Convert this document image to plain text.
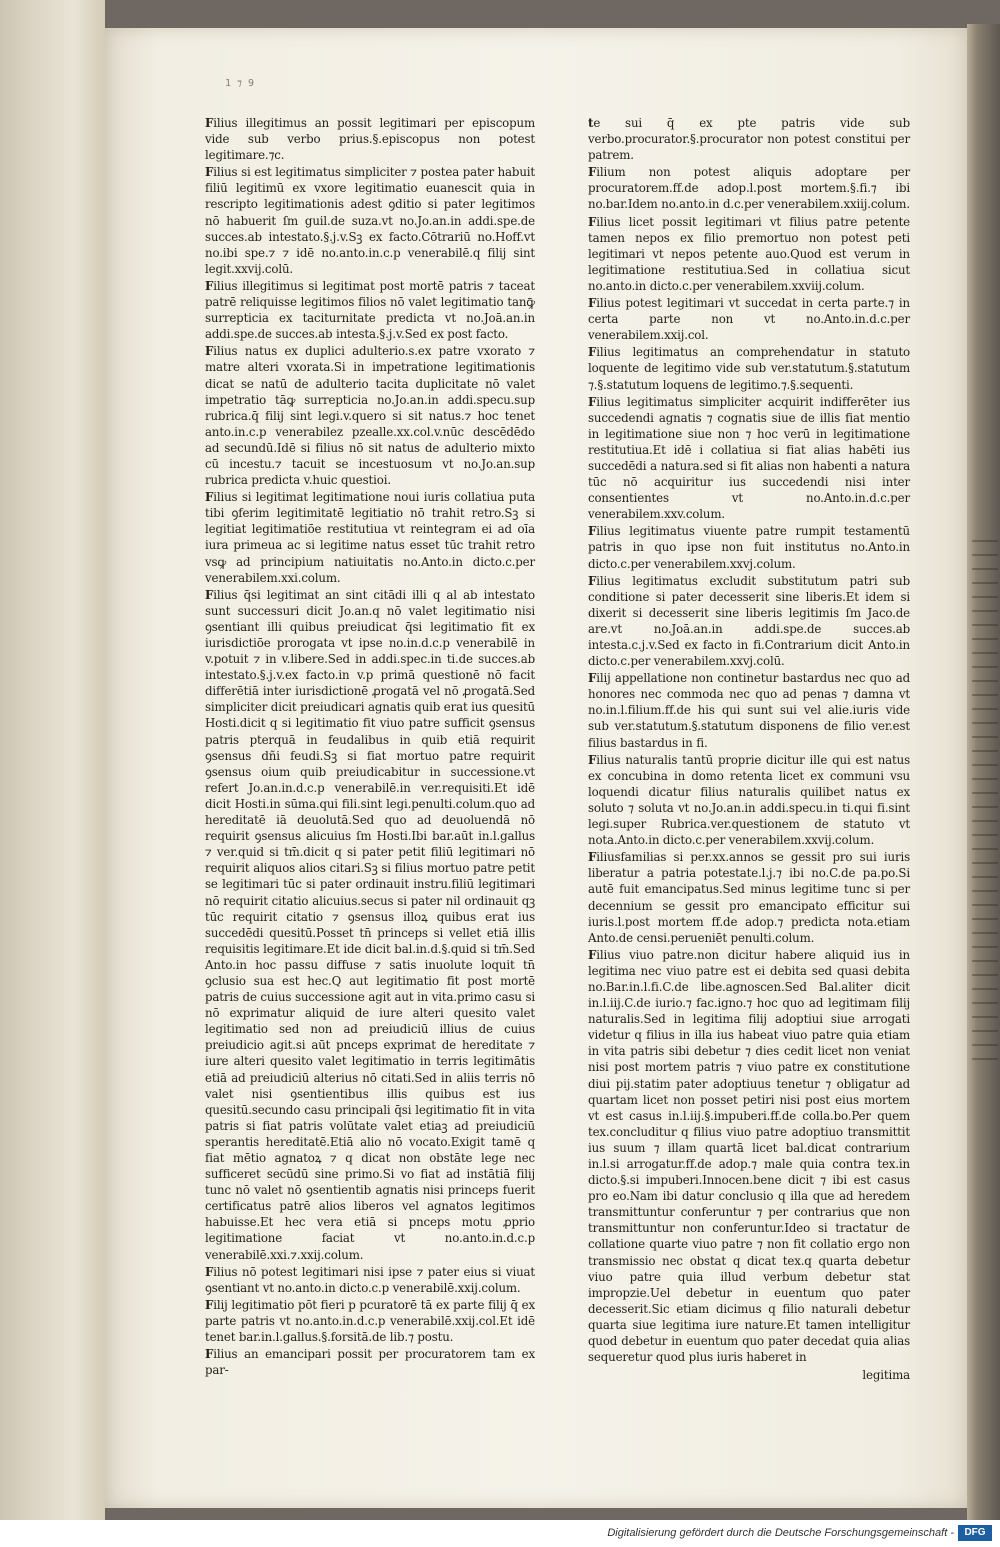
1 ⁊ 9

Filius illegitimus an possit legitimari per episcopum vide sub verbo prius.§.episcopus non potest legitimare.⁊c.

Filius si est legitimatus simpliciter ⁊ postea pater habuit filiū legitimū ex vxore legitimatio euanescit quia in rescripto legitimationis adest ꝯditio si pater legitimos nō habuerit ſm guil.de suza.vt no.Jo.an.in addi.spe.de succes.ab intestato.§.j.v.Sꝫ ex facto.Cōtrariū no.Hoff.vt no.ibi spe.⁊ ⁊ idē no.anto.in.c.p venerabilē.q filij sint legit.xxvij.colū.

Filius illegitimus si legitimat post mortē patris ⁊ taceat patrē reliquisse legitimos filios nō valet legitimatio tanꝙ̄ surrepticia ex taciturnitate predicta vt no.Joā.an.in addi.spe.de succes.ab intesta.§.j.v.Sed ex post facto.

Filius natus ex duplici adulterio.s.ex patre vxorato ⁊ matre alteri vxorata.Si in impetratione legitimationis dicat se natū de adulterio tacita duplicitate nō valet impetratio tāꝙ surrepticia no.Jo.an.in addi.specu.sup rubrica.q̄ filij sint legi.v.quero si sit natus.⁊ hoc tenet anto.in.c.p venerabilez pzealle.xx.col.v.nūc descēdēdo ad secundū.Idē si filius nō sit natus de adulterio mixto cū incestu.⁊ tacuit se incestuosum vt no.Jo.an.sup rubrica predicta v.huic questioi.

Filius si legitimat legitimatione noui iuris collatiua puta tibi ꝯferim legitimitatē legitiatio nō trahit retro.Sꝫ si legitiat legitimatiōe restitutiua vt reintegram ei ad oīa iura primeua ac si legitime natus esset tūc trahit retro vsꝙ ad principium natiuitatis no.Anto.in dicto.c.per venerabilem.xxi.colum.

Filius q̄si legitimat an sint citādi illi q al ab intestato sunt successuri dicit Jo.an.q nō valet legitimatio nisi ꝯsentiant illi quibus preiudicat q̄si legitimatio fit ex iurisdictiōe prorogata vt ipse no.in.d.c.p venerabilē in v.potuit ⁊ in v.libere.Sed in addi.spec.in ti.de succes.ab intestato.§.j.v.ex facto.in v.p primā questionē nō facit differētiā inter iurisdictionē ꝓrogatā vel nō ꝓrogatā.Sed simpliciter dicit preiudicari agnatis quib erat ius quesitū Hosti.dicit q si legitimatio fit viuo patre sufficit ꝯsensus patris pterquā in feudalibus in quib etiā requirit ꝯsensus dñi feudi.Sꝫ si fiat mortuo patre requirit ꝯsensus oium quib preiudicabitur in successione.vt refert Jo.an.in.d.c.p venerabilē.in ver.requisiti.Et idē dicit Hosti.in sūma.qui fili.sint legi.penulti.colum.quo ad hereditatē iā deuolutā.Sed quo ad deuoluendā nō requirit ꝯsensus alicuius ſm Hosti.Ibi bar.aūt in.l.gallus ⁊ ver.quid si tm̄.dicit q si pater petit filiū legitimari nō requirit aliquos alios citari.Sꝫ si filius mortuo patre petit se legitimari tūc si pater ordinauit instru.filiū legitimari nō requirit citatio alicuius.secus si pater nil ordinauit qꝫ tūc requirit citatio ⁊ ꝯsensus illoꝝ quibus erat ius succedēdi quesitū.Posset tn̄ princeps si vellet etiā illis requisitis legitimare.Et ide dicit bal.in.d.§.quid si tm̄.Sed Anto.in hoc passu diffuse ⁊ satis inuolute loquit tn̄ ꝯclusio sua est hec.Q aut legitimatio fit post mortē patris de cuius successione agit aut in vita.primo casu si nō exprimatur aliquid de iure alteri quesito valet legitimatio sed non ad preiudiciū illius de cuius preiudicio agit.si aūt pnceps exprimat de hereditate ⁊ iure alteri quesito valet legitimatio in terris legitimātis etiā ad preiudiciū alterius nō citati.Sed in aliis terris nō valet nisi ꝯsentientibus illis quibus est ius quesitū.secundo casu principali q̄si legitimatio fit in vita patris si fiat patris volūtate valet etiaꝫ ad preiudiciū sperantis hereditatē.Etiā alio nō vocato.Exigit tamē q fiat mētio agnatoꝝ ⁊ q dicat non obstāte lege nec sufficeret secūdū sine primo.Si vo fiat ad instātiā filij tunc nō valet nō ꝯsentientib agnatis nisi princeps fuerit certificatus patrē alios liberos vel agnatos legitimos habuisse.Et hec vera etiā si pnceps motu ꝓprio legitimatione faciat vt no.anto.in.d.c.p venerabilē.xxi.⁊.xxij.colum.

Filius nō potest legitimari nisi ipse ⁊ pater eius si viuat ꝯsentiant vt no.anto.in dicto.c.p venerabilē.xxij.colum.

Filij legitimatio pōt fieri p pcuratorē tā ex parte filij q̄ ex parte patris vt no.anto.in.d.c.p venerabilē.xxij.col.Et idē tenet bar.in.l.gallus.§.forsitā.de lib.⁊ postu.

Filius an emancipari possit per procuratorem tam ex par-

te sui q̄ ex pte patris vide sub verbo.procurator.§.procurator non potest constitui per patrem.

Filium non potest aliquis adoptare per procuratorem.ff.de adop.l.post mortem.§.fi.⁊ ibi no.bar.Idem no.anto.in d.c.per venerabilem.xxiij.colum.

Filius licet possit legitimari vt filius patre petente tamen nepos ex filio premortuo non potest peti legitimari vt nepos petente auo.Quod est verum in legitimatione restitutiua.Sed in collatiua sicut no.anto.in dicto.c.per venerabilem.xxviij.colum.

Filius potest legitimari vt succedat in certa parte.⁊ in certa parte non vt no.Anto.in.d.c.per venerabilem.xxij.col.

Filius legitimatus an comprehendatur in statuto loquente de legitimo vide sub ver.statutum.§.statutum ⁊.§.statutum loquens de legitimo.⁊.§.sequenti.

Filius legitimatus simpliciter acquirit indifferēter ius succedendi agnatis ⁊ cognatis siue de illis fiat mentio in legitimatione siue non ⁊ hoc verū in legitimatione restitutiua.Et idē i collatiua si fiat alias habēti ius succedēdi a natura.sed si fit alias non habenti a natura tūc nō acquiritur ius succedendi nisi inter consentientes vt no.Anto.in.d.c.per venerabilem.xxv.colum.

Filius legitimatus viuente patre rumpit testamentū patris in quo ipse non fuit institutus no.Anto.in dicto.c.per venerabilem.xxvj.colum.

Filius legitimatus excludit substitutum patri sub conditione si pater decesserit sine liberis.Et idem si dixerit si decesserit sine liberis legitimis ſm Jaco.de are.vt no.Joā.an.in addi.spe.de succes.ab intesta.c.j.v.Sed ex facto in fi.Contrarium dicit Anto.in dicto.c.per venerabilem.xxvj.colū.

Filij appellatione non continetur bastardus nec quo ad honores nec commoda nec quo ad penas ⁊ damna vt no.in.l.filium.ff.de his qui sunt sui vel alie.iuris vide sub ver.statutum.§.statutum disponens de filio ver.est filius bastardus in fi.

Filius naturalis tantū proprie dicitur ille qui est natus ex concubina in domo retenta licet ex communi vsu loquendi dicatur filius naturalis quilibet natus ex soluto ⁊ soluta vt no.Jo.an.in addi.specu.in ti.qui fi.sint legi.super Rubrica.ver.questionem de statuto vt nota.Anto.in dicto.c.per venerabilem.xxvij.colum.

Filiusfamilias si per.xx.annos se gessit pro sui iuris liberatur a patria potestate.l.j.⁊ ibi no.C.de pa.po.Si autē fuit emancipatus.Sed minus legitime tunc si per decennium se gessit pro emancipato efficitur sui iuris.l.post mortem ff.de adop.⁊ predicta nota.etiam Anto.de censi.perueniēt penulti.colum.

Filius viuo patre.non dicitur habere aliquid ius in legitima nec viuo patre est ei debita sed quasi debita no.Bar.in.l.fi.C.de libe.agnoscen.Sed Bal.aliter dicit in.l.iij.C.de iurio.⁊ fac.igno.⁊ hoc quo ad legitimam filij naturalis.Sed in legitima filij adoptiui siue arrogati videtur q filius in illa ius habeat viuo patre quia etiam in vita patris sibi debetur ⁊ dies cedit licet non veniat nisi post mortem patris ⁊ viuo patre ex constitutione diui pij.statim pater adoptiuus tenetur ⁊ obligatur ad quartam licet non posset petiri nisi post eius mortem vt est casus in.l.iij.§.impuberi.ff.de colla.bo.Per quem tex.concluditur q filius viuo patre adoptiuo transmittit ius suum ⁊ illam quartā licet bal.dicat contrarium in.l.si arrogatur.ff.de adop.⁊ male quia contra tex.in dicto.§.si impuberi.Innocen.bene dicit ⁊ ibi est casus pro eo.Nam ibi datur conclusio q illa que ad heredem transmittuntur conferuntur ⁊ per contrarius que non transmittuntur non conferuntur.Ideo si tractatur de collatione quarte viuo patre ⁊ non fit collatio ergo non transmissio nec obstat q dicat tex.q quarta debetur viuo patre quia illud verbum debetur stat impropzie.Uel debetur in euentum quo pater decesserit.Sic etiam dicimus q filio naturali debetur quarta siue legitima iure nature.Et tamen intelligitur quod debetur in euentum quo pater decedat quia alias sequeretur quod plus iuris haberet in

legitima
Digitalisierung gefördert durch die Deutsche Forschungsgemeinschaft -	DFG
